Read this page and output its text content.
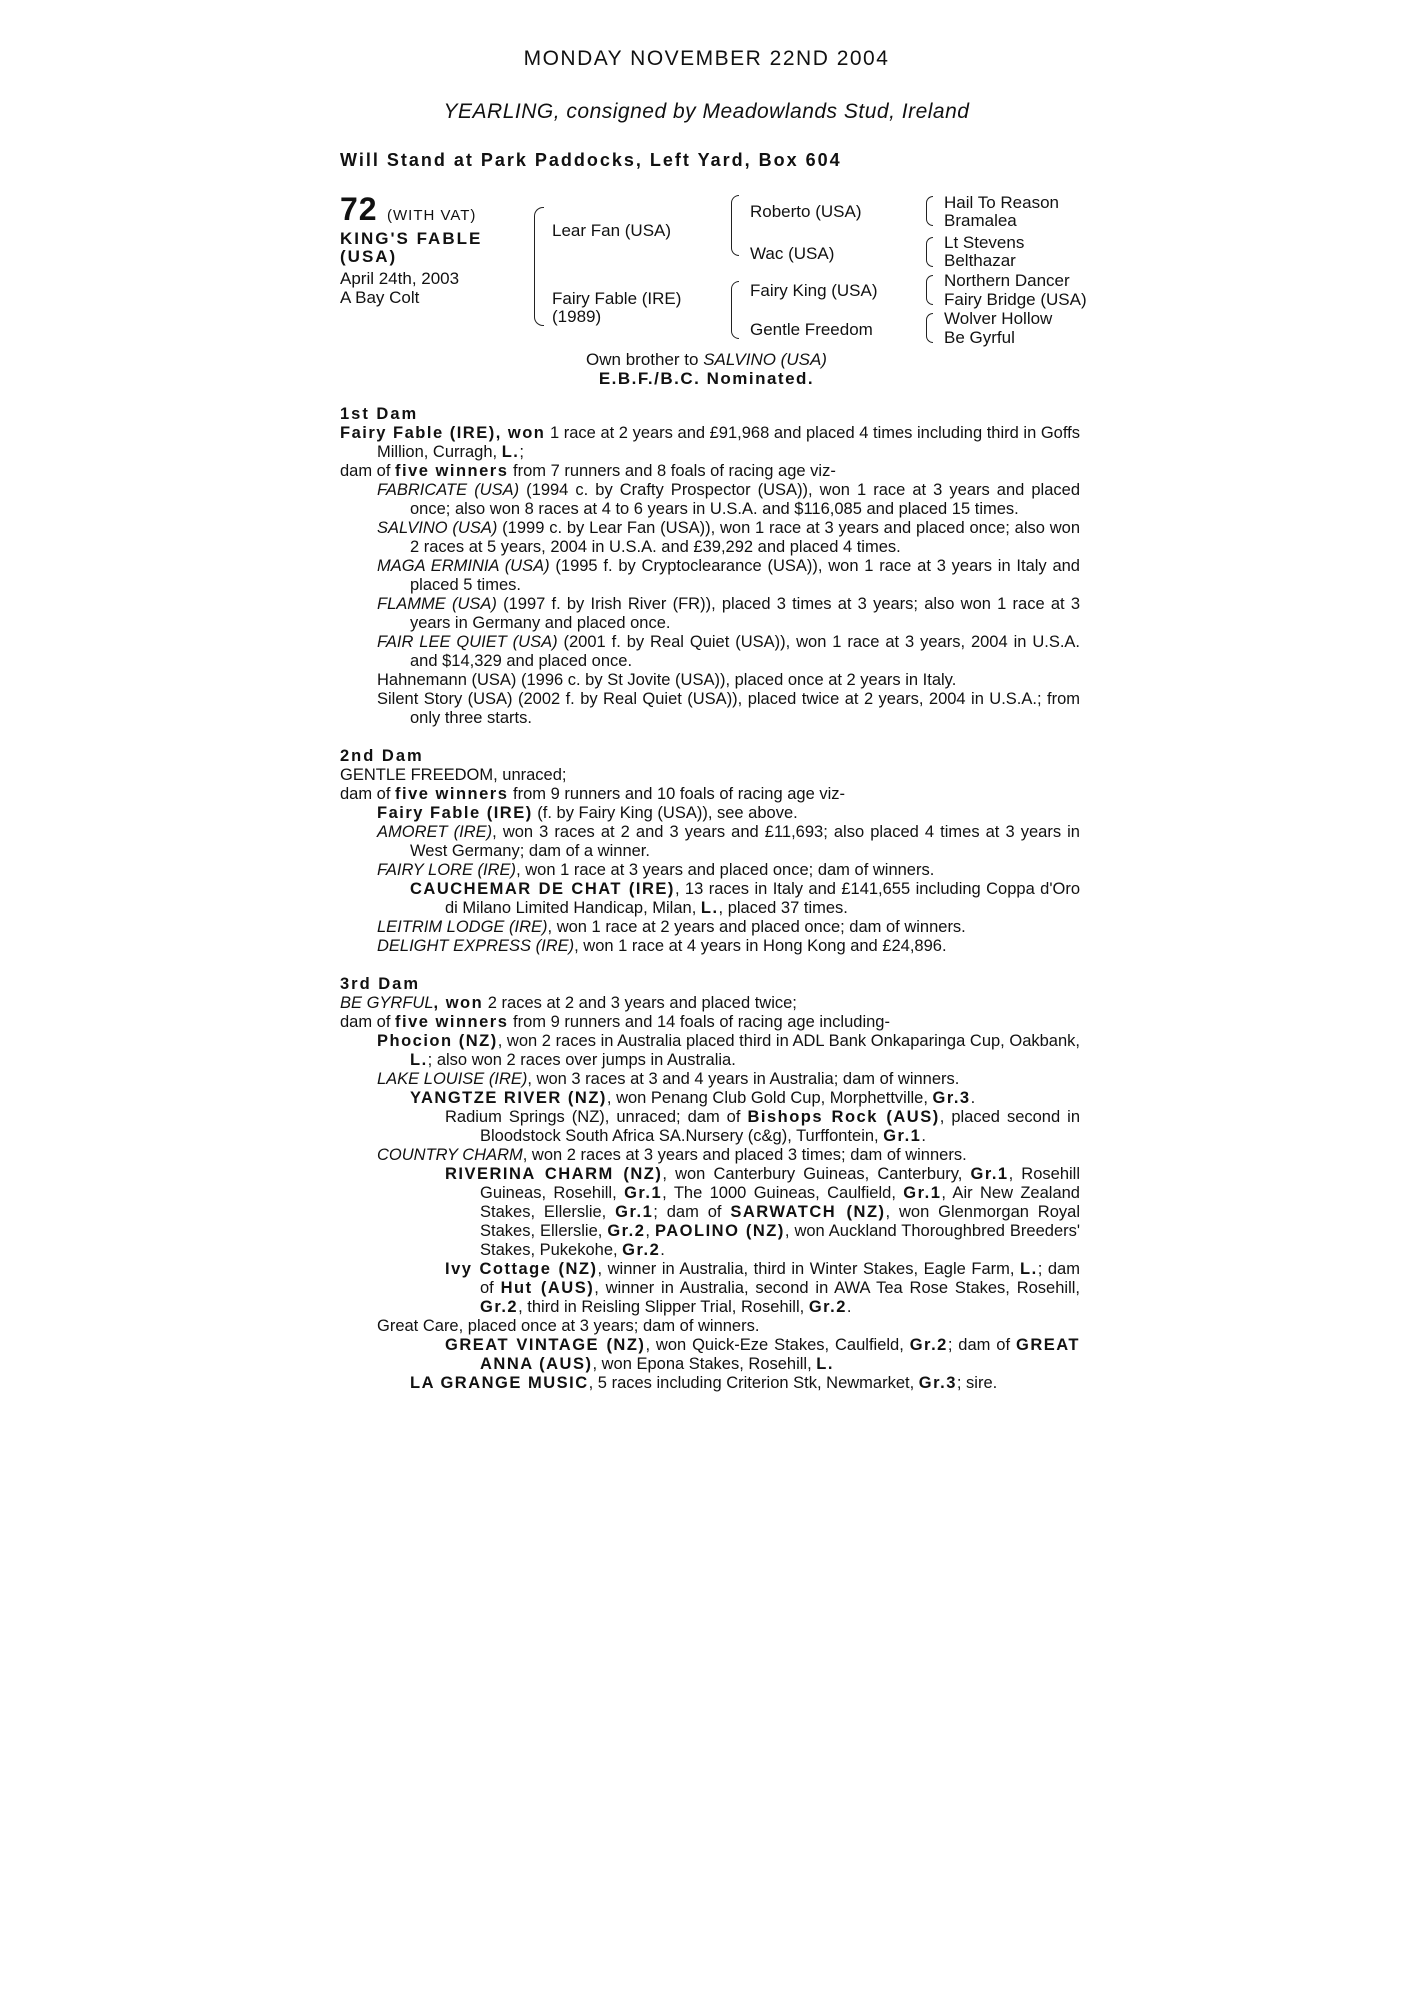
MONDAY NOVEMBER 22ND 2004
YEARLING, consigned by Meadowlands Stud, Ireland
Will Stand at Park Paddocks, Left Yard, Box 604
72 (WITH VAT)
KING'S FABLE
(USA)
April 24th, 2003
A Bay Colt
Lear Fan (USA)
Fairy Fable (IRE)
(1989)
Roberto (USA)
Wac (USA)
Fairy King (USA)
Gentle Freedom
Hail To Reason
Bramalea
Lt Stevens
Belthazar
Northern Dancer
Fairy Bridge (USA)
Wolver Hollow
Be Gyrful
Own brother to SALVINO (USA)
E.B.F./B.C. Nominated.

1st Dam

Fairy Fable (IRE), won 1 race at 2 years and £91,968 and placed 4 times including third in Goffs Million, Curragh, L.;

dam of five winners from 7 runners and 8 foals of racing age viz-

FABRICATE (USA) (1994 c. by Crafty Prospector (USA)), won 1 race at 3 years and placed once; also won 8 races at 4 to 6 years in U.S.A. and $116,085 and placed 15 times.

SALVINO (USA) (1999 c. by Lear Fan (USA)), won 1 race at 3 years and placed once; also won 2 races at 5 years, 2004 in U.S.A. and £39,292 and placed 4 times.

MAGA ERMINIA (USA) (1995 f. by Cryptoclearance (USA)), won 1 race at 3 years in Italy and placed 5 times.

FLAMME (USA) (1997 f. by Irish River (FR)), placed 3 times at 3 years; also won 1 race at 3 years in Germany and placed once.

FAIR LEE QUIET (USA) (2001 f. by Real Quiet (USA)), won 1 race at 3 years, 2004 in U.S.A. and $14,329 and placed once.

Hahnemann (USA) (1996 c. by St Jovite (USA)), placed once at 2 years in Italy.

Silent Story (USA) (2002 f. by Real Quiet (USA)), placed twice at 2 years, 2004 in U.S.A.; from only three starts.

2nd Dam

GENTLE FREEDOM, unraced;

dam of five winners from 9 runners and 10 foals of racing age viz-

Fairy Fable (IRE) (f. by Fairy King (USA)), see above.

AMORET (IRE), won 3 races at 2 and 3 years and £11,693; also placed 4 times at 3 years in West Germany; dam of a winner.

FAIRY LORE (IRE), won 1 race at 3 years and placed once; dam of winners.

CAUCHEMAR DE CHAT (IRE), 13 races in Italy and £141,655 including Coppa d'Oro di Milano Limited Handicap, Milan, L., placed 37 times.

LEITRIM LODGE (IRE), won 1 race at 2 years and placed once; dam of winners.

DELIGHT EXPRESS (IRE), won 1 race at 4 years in Hong Kong and £24,896.

3rd Dam

BE GYRFUL, won 2 races at 2 and 3 years and placed twice;

dam of five winners from 9 runners and 14 foals of racing age including-

Phocion (NZ), won 2 races in Australia placed third in ADL Bank Onkaparinga Cup, Oakbank, L.; also won 2 races over jumps in Australia.

LAKE LOUISE (IRE), won 3 races at 3 and 4 years in Australia; dam of winners.

YANGTZE RIVER (NZ), won Penang Club Gold Cup, Morphettville, Gr.3.

Radium Springs (NZ), unraced; dam of Bishops Rock (AUS), placed second in Bloodstock South Africa SA.Nursery (c&g), Turffontein, Gr.1.

COUNTRY CHARM, won 2 races at 3 years and placed 3 times; dam of winners.

RIVERINA CHARM (NZ), won Canterbury Guineas, Canterbury, Gr.1, Rosehill Guineas, Rosehill, Gr.1, The 1000 Guineas, Caulfield, Gr.1, Air New Zealand Stakes, Ellerslie, Gr.1; dam of SARWATCH (NZ), won Glenmorgan Royal Stakes, Ellerslie, Gr.2, PAOLINO (NZ), won Auckland Thoroughbred Breeders' Stakes, Pukekohe, Gr.2.

Ivy Cottage (NZ), winner in Australia, third in Winter Stakes, Eagle Farm, L.; dam of Hut (AUS), winner in Australia, second in AWA Tea Rose Stakes, Rosehill, Gr.2, third in Reisling Slipper Trial, Rosehill, Gr.2.

Great Care, placed once at 3 years; dam of winners.

GREAT VINTAGE (NZ), won Quick-Eze Stakes, Caulfield, Gr.2; dam of GREAT ANNA (AUS), won Epona Stakes, Rosehill, L.

LA GRANGE MUSIC, 5 races including Criterion Stk, Newmarket, Gr.3; sire.
